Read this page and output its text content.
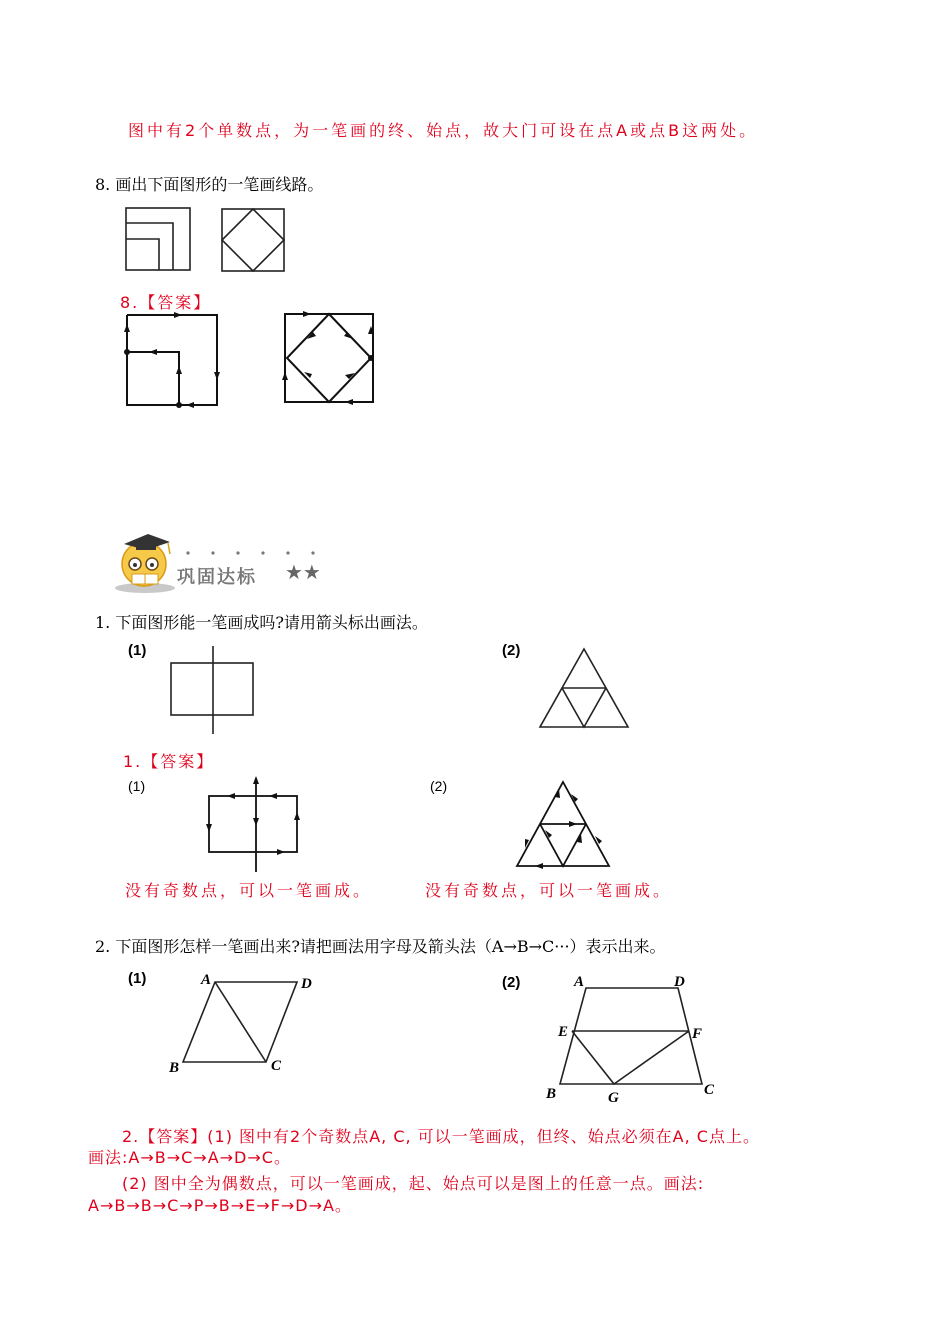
图中有2个单数点，为一笔画的终、始点，故大门可设在点A或点B这两处。
8. 画出下面图形的一笔画线路。
8.【答案】
巩固达标 ★★
1. 下面图形能一笔画成吗?请用箭头标出画法。
(1)	(2)
1.【答案】
(1)	(2)
没有奇数点，可以一笔画成。	没有奇数点，可以一笔画成。
2. 下面图形怎样一笔画出来?请把画法用字母及箭头法（A→B→C···）表示出来。
(1)	A	D
B	C
(2)	A	D
E	F
B	G	C
2.【答案】(1) 图中有2个奇数点A, C, 可以一笔画成，但终、始点必须在A, C点上。
画法:A→B→C→A→D→C。
(2) 图中全为偶数点，可以一笔画成，起、始点可以是图上的任意一点。画法:
A→B→B→C→P→B→E→F→D→A。
